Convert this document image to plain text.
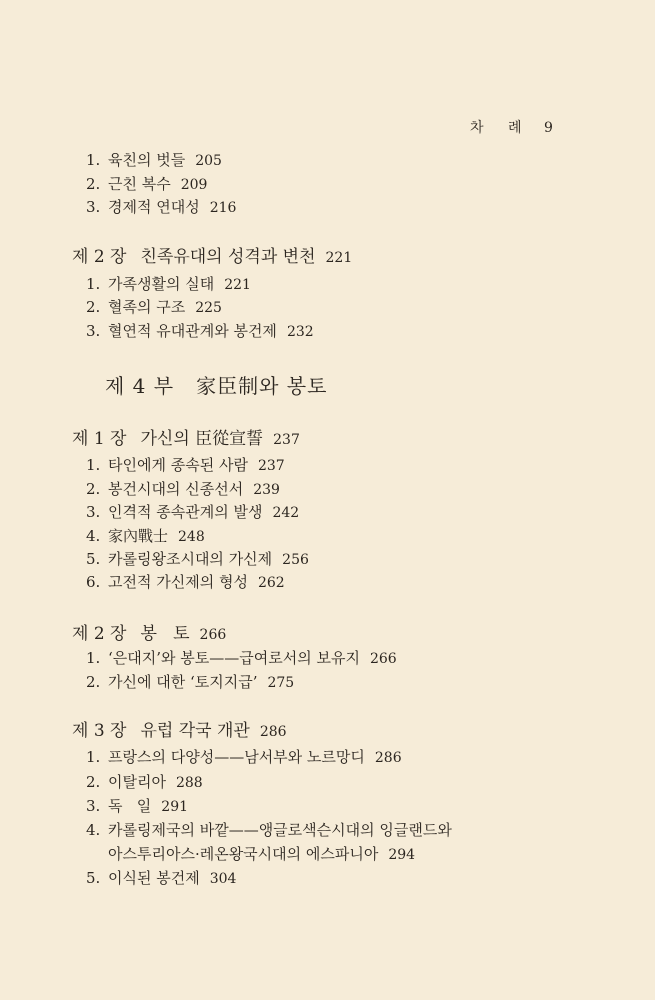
차 례 9
1. 육친의 벗들 205
2. 근친 복수 209
3. 경제적 연대성 216
제 2 장 친족유대의 성격과 변천 221
1. 가족생활의 실태 221
2. 혈족의 구조 225
3. 혈연적 유대관계와 봉건제 232
제 4 부 家臣制와 봉토
제 1 장 가신의 臣從宣誓 237
1. 타인에게 종속된 사람 237
2. 봉건시대의 신종선서 239
3. 인격적 종속관계의 발생 242
4. 家內戰士 248
5. 카롤링왕조시대의 가신제 256
6. 고전적 가신제의 형성 262
제 2 장 봉   토 266
1. ‘은대지’와 봉토——급여로서의 보유지 266
2. 가신에 대한 ‘토지지급’ 275
제 3 장 유럽 각국 개관 286
1. 프랑스의 다양성——남서부와 노르망디 286
2. 이탈리아 288
3. 독   일 291
4. 카롤링제국의 바깥——앵글로색슨시대의 잉글랜드와
아스투리아스·레온왕국시대의 에스파니아 294
5. 이식된 봉건제 304
